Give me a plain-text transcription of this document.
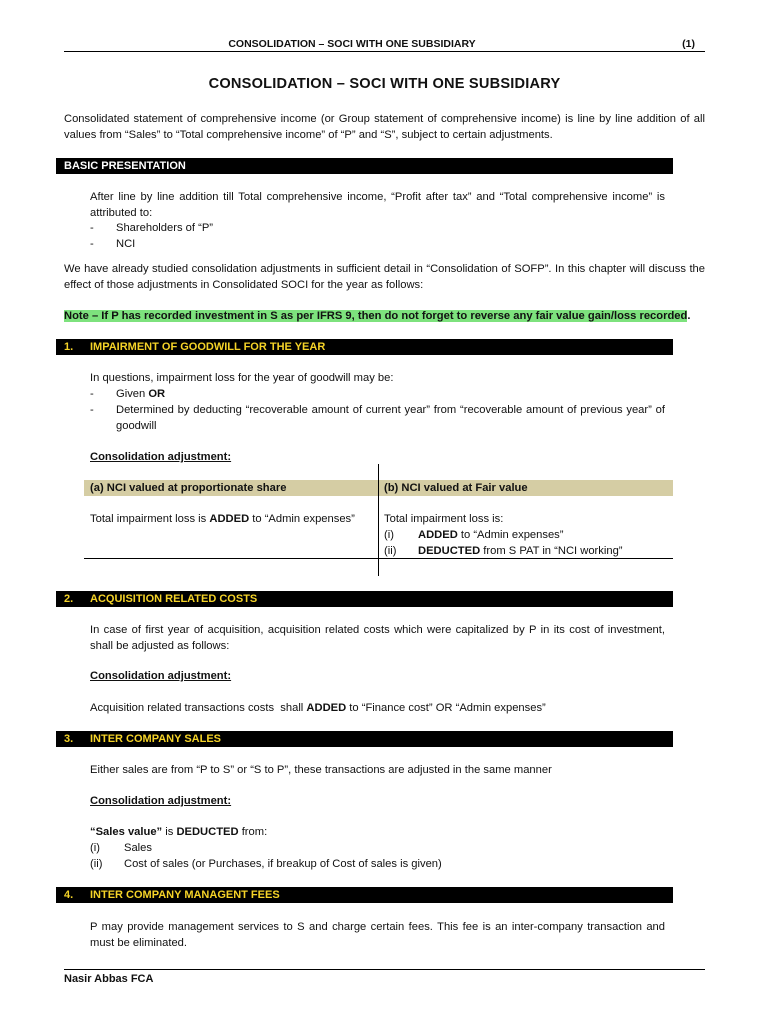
CONSOLIDATION – SOCI WITH ONE SUBSIDIARY	(1)
CONSOLIDATION – SOCI WITH ONE SUBSIDIARY

Consolidated statement of comprehensive income (or Group statement of comprehensive income) is line by line addition of all values from “Sales” to “Total comprehensive income” of “P” and “S”, subject to certain adjustments.

BASIC PRESENTATION

After line by line addition till Total comprehensive income, “Profit after tax” and “Total comprehensive income” is attributed to:

-	Shareholders of “P”
-	NCI

We have already studied consolidation adjustments in sufficient detail in “Consolidation of SOFP”. In this chapter will discuss the effect of those adjustments in Consolidated SOCI for the year as follows:

Note – If P has recorded investment in S as per IFRS 9, then do not forget to reverse any fair value gain/loss recorded.
1. IMPAIRMENT OF GOODWILL FOR THE YEAR

In questions, impairment loss for the year of goodwill may be:

-	Given OR
-	Determined by deducting “recoverable amount of current year” from “recoverable amount of previous year” of goodwill

Consolidation adjustment:

(a) NCI valued at proportionate share	(b) NCI valued at Fair value

Total impairment loss is ADDED to “Admin expenses”	Total impairment loss is:

(i)	ADDED to “Admin expenses”
(ii)	DEDUCTED from S PAT in “NCI working”
2. ACQUISITION RELATED COSTS

In case of first year of acquisition, acquisition related costs which were capitalized by P in its cost of investment, shall be adjusted as follows:

Consolidation adjustment:

Acquisition related transactions costs  shall ADDED to “Finance cost” OR “Admin expenses”

3. INTER COMPANY SALES

Either sales are from “P to S” or “S to P”, these transactions are adjusted in the same manner

Consolidation adjustment:

“Sales value” is DEDUCTED from:

(i)	Sales
(ii)	Cost of sales (or Purchases, if breakup of Cost of sales is given)
4. INTER COMPANY MANAGENT FEES

P may provide management services to S and charge certain fees. This fee is an inter-company transaction and must be eliminated.

Nasir Abbas FCA
